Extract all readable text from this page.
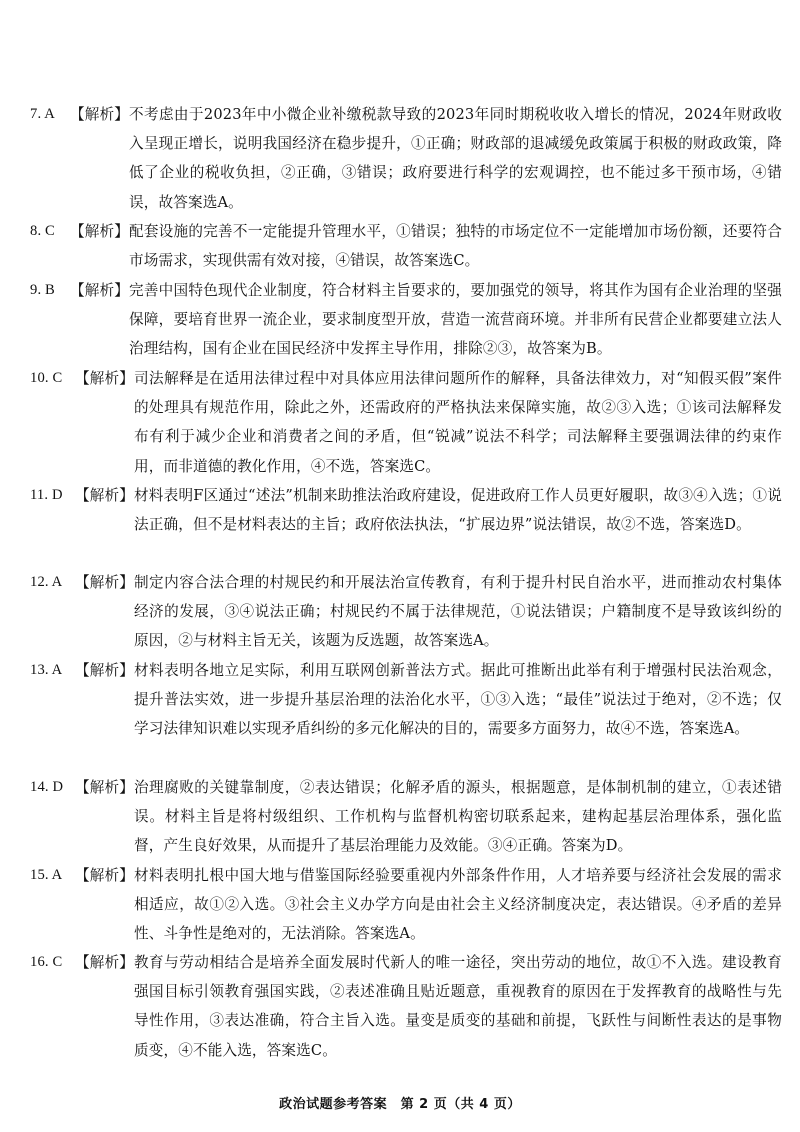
7. A	【解析】 不考虑由于2023年中小微企业补缴税款导致的2023年同时期税收收入增长的情况，2024年财政收入呈现正增长，说明我国经济在稳步提升，①正确；财政部的退减缓免政策属于积极的财政政策，降低了企业的税收负担，②正确，③错误；政府要进行科学的宏观调控，也不能过多干预市场，④错误，故答案选A。
8. C	【解析】 配套设施的完善不一定能提升管理水平，①错误；独特的市场定位不一定能增加市场份额，还要符合市场需求，实现供需有效对接，④错误，故答案选C。
9. B	【解析】 完善中国特色现代企业制度，符合材料主旨要求的，要加强党的领导，将其作为国有企业治理的坚强保障，要培育世界一流企业，要求制度型开放，营造一流营商环境。并非所有民营企业都要建立法人治理结构，国有企业在国民经济中发挥主导作用，排除②③，故答案为B。
10. C 【解析】 司法解释是在适用法律过程中对具体应用法律问题所作的解释，具备法律效力，对“知假买假”案件的处理具有规范作用，除此之外，还需政府的严格执法来保障实施，故②③入选；①该司法解释发布有利于减少企业和消费者之间的矛盾，但“锐减”说法不科学；司法解释主要强调法律的约束作用，而非道德的教化作用，④不选，答案选C。
11. D 【解析】 材料表明F区通过“述法”机制来助推法治政府建设，促进政府工作人员更好履职，故③④入选；①说法正确，但不是材料表达的主旨；政府依法执法，“扩展边界”说法错误，故②不选，答案选D。
12. A 【解析】 制定内容合法合理的村规民约和开展法治宣传教育，有利于提升村民自治水平，进而推动农村集体经济的发展，③④说法正确；村规民约不属于法律规范，①说法错误；户籍制度不是导致该纠纷的原因，②与材料主旨无关，该题为反选题，故答案选A。
13. A 【解析】 材料表明各地立足实际，利用互联网创新普法方式。据此可推断出此举有利于增强村民法治观念，提升普法实效，进一步提升基层治理的法治化水平，①③入选；“最佳”说法过于绝对，②不选；仅学习法律知识难以实现矛盾纠纷的多元化解决的目的，需要多方面努力，故④不选，答案选A。
14. D 【解析】 治理腐败的关键靠制度，②表达错误；化解矛盾的源头，根据题意，是体制机制的建立，①表述错误。材料主旨是将村级组织、工作机构与监督机构密切联系起来，建构起基层治理体系，强化监督，产生良好效果，从而提升了基层治理能力及效能。③④正确。答案为D。
15. A 【解析】 材料表明扎根中国大地与借鉴国际经验要重视内外部条件作用，人才培养要与经济社会发展的需求相适应，故①②入选。③社会主义办学方向是由社会主义经济制度决定，表达错误。④矛盾的差异性、斗争性是绝对的，无法消除。答案选A。
16. C 【解析】 教育与劳动相结合是培养全面发展时代新人的唯一途径，突出劳动的地位，故①不入选。建设教育强国目标引领教育强国实践，②表述准确且贴近题意，重视教育的原因在于发挥教育的战略性与先导性作用，③表达准确，符合主旨入选。量变是质变的基础和前提，飞跃性与间断性表达的是事物质变，④不能入选，答案选C。
政治试题参考答案　第 2 页（共 4 页）
